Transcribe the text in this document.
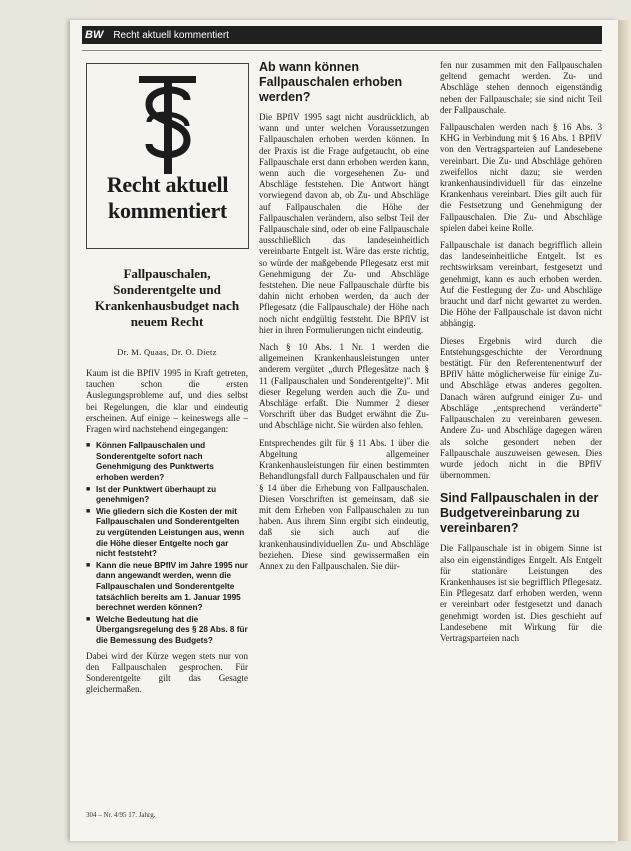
BW Recht aktuell kommentiert
Recht aktuell kommentiert
Fallpauschalen, Sonderentgelte und Krankenhausbudget nach neuem Recht
Dr. M. Quaas, Dr. O. Dietz

Kaum ist die BPflV 1995 in Kraft getreten, tauchen schon die ersten Auslegungsprobleme auf, und dies selbst bei Regelungen, die klar und eindeutig erscheinen. Auf einige – keineswegs alle – Fragen wird nachstehend eingegangen:

■ Können Fallpauschalen und Sonderentgelte sofort nach Genehmigung des Punktwerts erhoben werden?
■ Ist der Punktwert überhaupt zu genehmigen?
■ Wie gliedern sich die Kosten der mit Fallpauschalen und Sonderentgelten zu vergütenden Leistungen aus, wenn die Höhe dieser Entgelte noch gar nicht feststeht?
■ Kann die neue BPflV im Jahre 1995 nur dann angewandt werden, wenn die Fallpauschalen und Sonderentgelte tatsächlich bereits am 1. Januar 1995 berechnet werden können?
■ Welche Bedeutung hat die Übergangsregelung des § 28 Abs. 8 für die Bemessung des Budgets?

Dabei wird der Kürze wegen stets nur von den Fallpauschalen gesprochen. Für Sonderentgelte gilt das Gesagte gleichermaßen.

Ab wann können Fallpauschalen erhoben werden?

Die BPflV 1995 sagt nicht ausdrücklich, ab wann und unter welchen Voraussetzungen Fallpauschalen erhoben werden können. In der Praxis ist die Frage aufgetaucht, ob eine Fallpauschale erst dann erhoben werden kann, wenn auch die vorgesehenen Zu- und Abschläge feststehen. Die Antwort hängt vorwiegend davon ab, ob Zu- und Abschläge auf Fallpauschalen die Höhe der Fallpauschalen verändern, also selbst Teil der Fallpauschale sind, oder ob eine Fallpauschale ausschließlich das landeseinheitlich vereinbarte Entgelt ist. Wäre das erste richtig, so würde der maßgebende Pflegesatz erst mit Genehmigung der Zu- und Abschläge feststehen. Die neue Fallpauschale dürfte bis dahin nicht erhoben werden, da auch der Pflegesatz (die Fallpauschale) der Höhe nach noch nicht endgültig feststeht. Die BPflV ist hier in ihren Formulierungen nicht eindeutig.

Nach § 10 Abs. 1 Nr. 1 werden die allgemeinen Krankenhausleistungen unter anderem vergütet „durch Pflegesätze nach § 11 (Fallpauschalen und Sonderentgelte)". Mit dieser Regelung werden auch die Zu- und Abschläge erfaßt. Die Nummer 2 dieser Vorschrift über das Budget erwähnt die Zu- und Abschläge nicht. Sie würden also fehlen.

Entsprechendes gilt für § 11 Abs. 1 über die Abgeltung allgemeiner Krankenhausleistungen für einen bestimmten Behandlungsfall durch Fallpauschalen und für § 14 über die Erhebung von Fallpauschalen. Diesen Vorschriften ist gemeinsam, daß sie mit dem Erheben von Fallpauschalen zu tun haben. Aus ihrem Sinn ergibt sich eindeutig, daß sie sich auch auf die krankenhausindividuellen Zu- und Abschläge beziehen. Diese sind gewissermaßen ein Annex zu den Fallpauschalen. Sie dür-

fen nur zusammen mit den Fallpauschalen geltend gemacht werden. Zu- und Abschläge stehen dennoch eigenständig neben der Fallpauschale; sie sind nicht Teil der Fallpauschale.

Fallpauschalen werden nach § 16 Abs. 3 KHG in Verbindung mit § 16 Abs. 1 BPflV von den Vertragsparteien auf Landesebene vereinbart. Die Zu- und Abschläge gehören zweifellos nicht dazu; sie werden krankenhausindividuell für das einzelne Krankenhaus vereinbart. Dies gilt auch für die Festsetzung und Genehmigung der Fallpauschalen. Die Zu- und Abschläge spielen dabei keine Rolle.

Fallpauschale ist danach begrifflich allein das landeseinheitliche Entgelt. Ist es rechtswirksam vereinbart, festgesetzt und genehmigt, kann es auch erhoben werden. Auf die Festlegung der Zu- und Abschläge braucht und darf nicht gewartet zu werden. Die Höhe der Fallpauschale ist davon nicht abhängig.

Dieses Ergebnis wird durch die Entstehungsgeschichte der Verordnung bestätigt. Für den Referentenentwurf der BPflV hätte möglicherweise für einige Zu- und Abschläge etwas anderes gegolten. Danach wären aufgrund einiger Zu- und Abschläge „entsprechend veränderte" Fallpauschalen zu vereinbaren gewesen. Andere Zu- und Abschläge dagegen wären als solche gesondert neben der Fallpauschale auszuweisen gewesen. Dies wurde jedoch nicht in die BPflV übernommen.

Sind Fallpauschalen in der Budgetvereinbarung zu vereinbaren?

Die Fallpauschale ist in obigem Sinne ist also ein eigenständiges Entgelt. Als Entgelt für stationäre Leistungen des Krankenhauses ist sie begrifflich Pflegesatz. Ein Pflegesatz darf erhoben werden, wenn er vereinbart oder festgesetzt und danach genehmigt worden ist. Dies geschieht auf Landesebene mit Wirkung für die Vertragsparteien nach

304 – Nr. 4/95 17. Jahrg.
